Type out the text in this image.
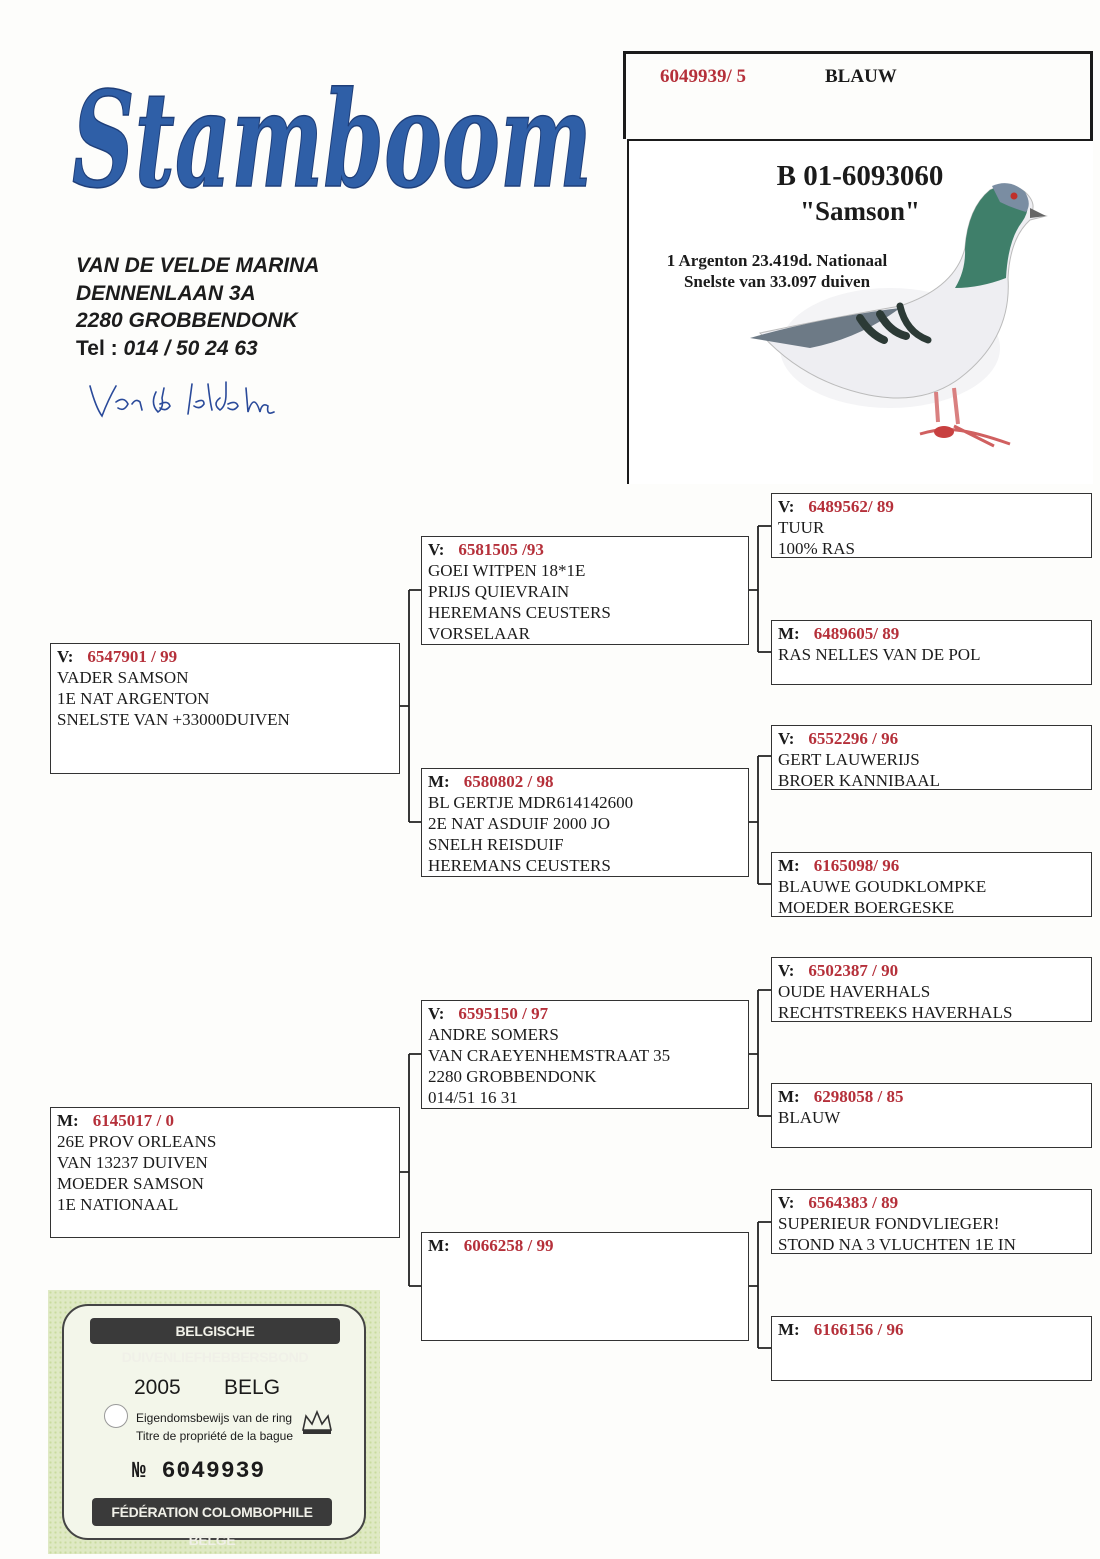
Stamboom
VAN DE VELDE MARINA
DENNENLAAN 3A
2280 GROBBENDONK
Tel : 014 / 50 24 63
6049939/ 5	BLAUW
B 01-6093060
"Samson"
1 Argenton 23.419d. Nationaal
Snelste van 33.097 duiven
V: 6547901 / 99
VADER SAMSON
1E NAT ARGENTON
SNELSTE VAN +33000DUIVEN
M: 6145017 / 0
26E PROV ORLEANS
VAN 13237 DUIVEN
MOEDER SAMSON
1E NATIONAAL
V: 6581505 /93
GOEI WITPEN 18*1E
PRIJS QUIEVRAIN
HEREMANS CEUSTERS
VORSELAAR
M: 6580802 / 98
BL GERTJE MDR614142600
2E NAT ASDUIF 2000 JO
SNELH REISDUIF
HEREMANS CEUSTERS
V: 6595150 / 97
ANDRE SOMERS
VAN CRAEYENHEMSTRAAT 35
2280 GROBBENDONK
014/51 16 31
M: 6066258 / 99
V: 6489562/ 89
TUUR
100% RAS
M: 6489605/ 89
RAS NELLES VAN DE POL
V: 6552296 / 96
GERT LAUWERIJS
BROER KANNIBAAL
M: 6165098/ 96
BLAUWE GOUDKLOMPKE
MOEDER BOERGESKE
V: 6502387 / 90
OUDE HAVERHALS
RECHTSTREEKS HAVERHALS
M: 6298058 / 85
BLAUW
V: 6564383 / 89
SUPERIEUR FONDVLIEGER!
STOND NA 3 VLUCHTEN 1E IN
M: 6166156 / 96
BELGISCHE DUIVENLIEFHEBBERSBOND
2005 BELG
Eigendomsbewijs van de ring
Titre de propriété de la bague
№ 6049939
FÉDÉRATION COLOMBOPHILE BELGE
